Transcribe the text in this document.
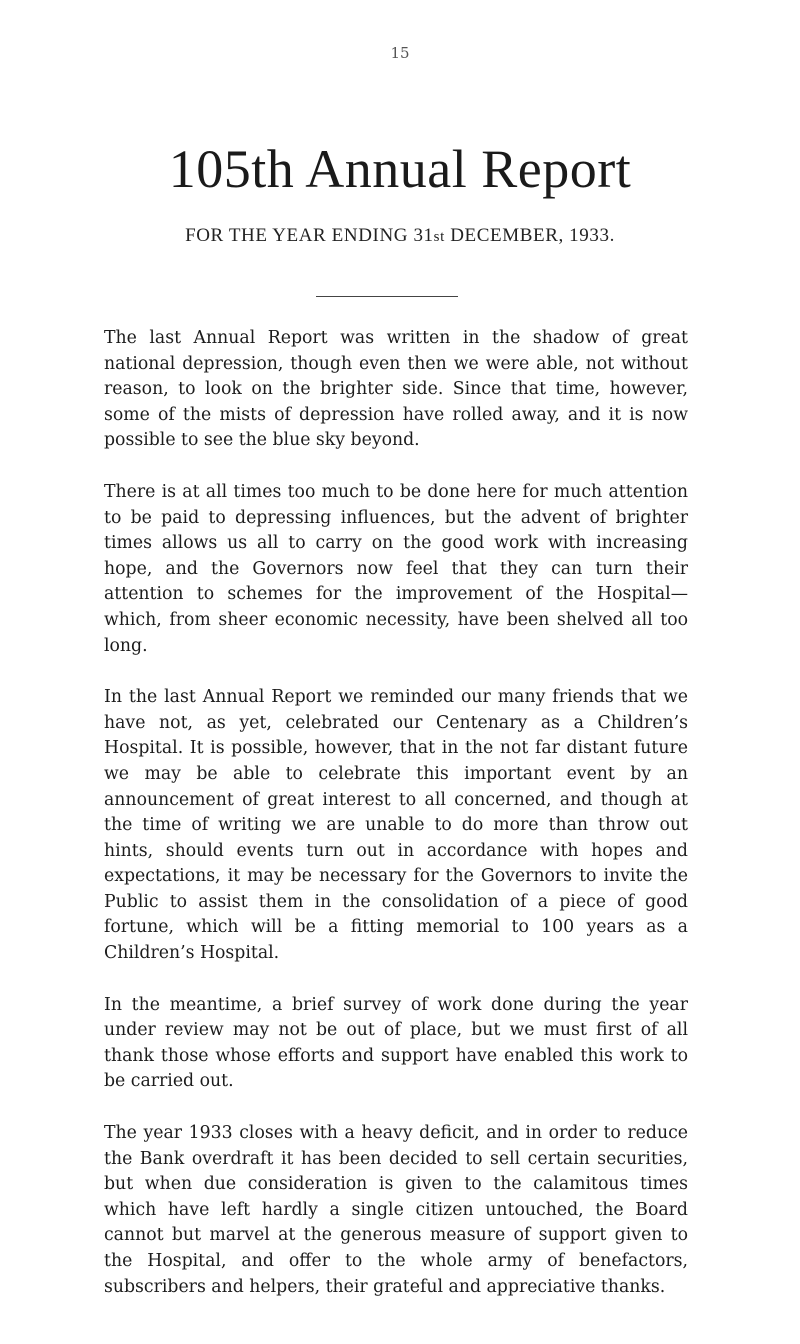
15
105th Annual Report
FOR THE YEAR ENDING 31st DECEMBER, 1933.

The last Annual Report was written in the shadow of great national depression, though even then we were able, not without reason, to look on the brighter side. Since that time, however, some of the mists of depression have rolled away, and it is now possible to see the blue sky beyond.

There is at all times too much to be done here for much attention to be paid to depressing influences, but the advent of brighter times allows us all to carry on the good work with increasing hope, and the Governors now feel that they can turn their attention to schemes for the improvement of the Hospital— which, from sheer economic necessity, have been shelved all too long.

In the last Annual Report we reminded our many friends that we have not, as yet, celebrated our Centenary as a Children’s Hospital. It is possible, however, that in the not far distant future we may be able to celebrate this important event by an announcement of great interest to all concerned, and though at the time of writing we are unable to do more than throw out hints, should events turn out in accordance with hopes and expectations, it may be necessary for the Governors to invite the Public to assist them in the consolidation of a piece of good fortune, which will be a fitting memorial to 100 years as a Children’s Hospital.

In the meantime, a brief survey of work done during the year under review may not be out of place, but we must first of all thank those whose efforts and support have enabled this work to be carried out.

The year 1933 closes with a heavy deficit, and in order to reduce the Bank overdraft it has been decided to sell certain securities, but when due consideration is given to the calamitous times which have left hardly a single citizen untouched, the Board cannot but marvel at the generous measure of support given to the Hospital, and offer to the whole army of benefactors, subscribers and helpers, their grateful and appreciative thanks.
